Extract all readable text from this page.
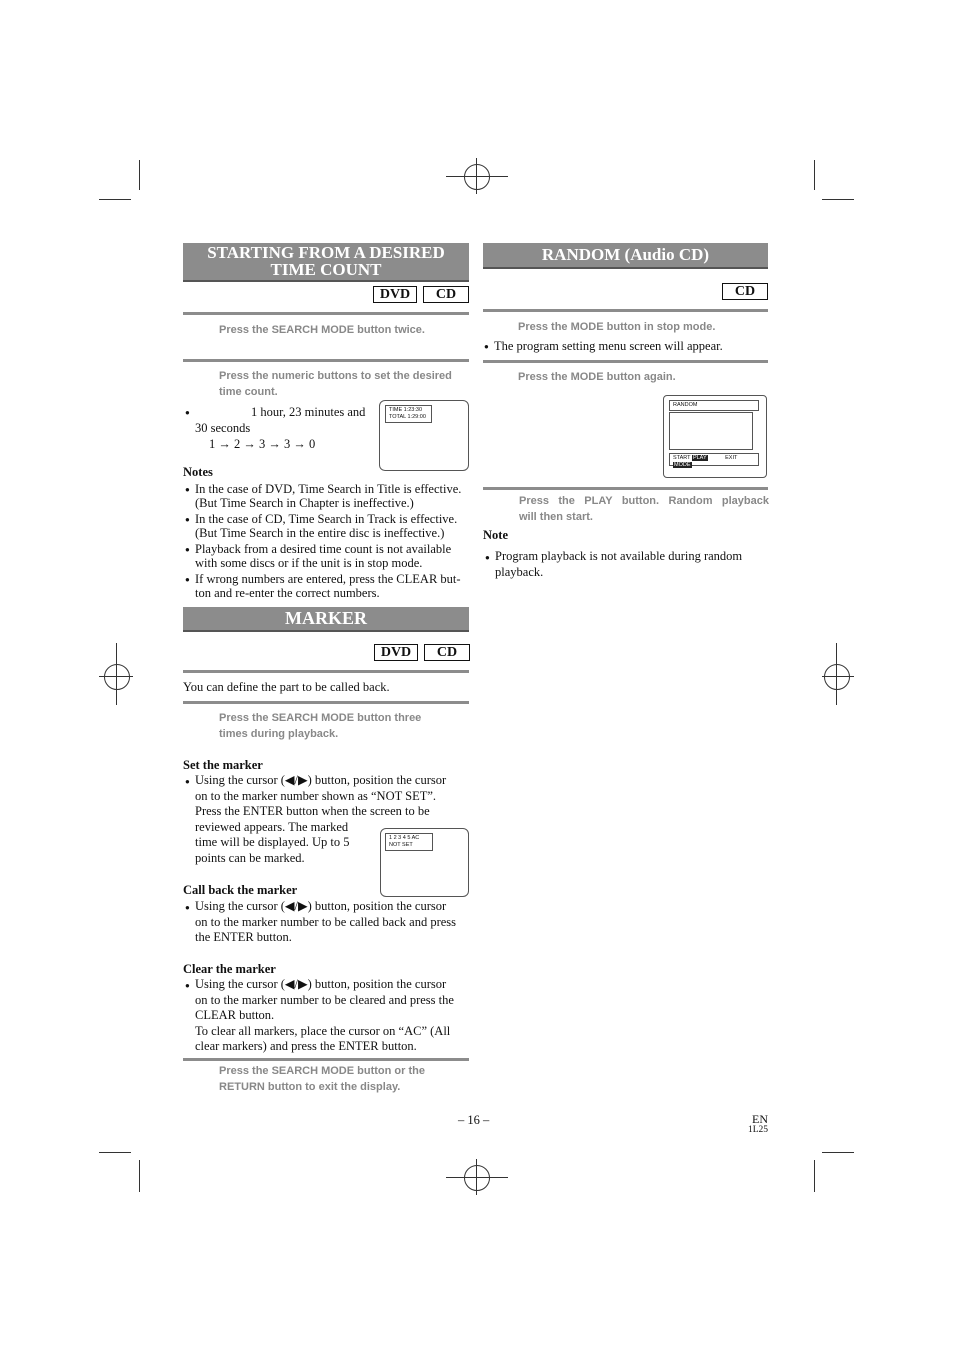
STARTING FROM A DESIRED
TIME COUNT
DVD	CD
Press the SEARCH MODE button twice.
Press the numeric buttons to set the desired
time count.
1 hour, 23 minutes and
30 seconds
1 → 2 → 3 → 3 → 0
TIME 1:23:30
TOTAL 1:29:00
Notes
● In the case of DVD, Time Search in Title is effective.
(But Time Search in Chapter is ineffective.)
● In the case of CD, Time Search in Track is effective.
(But Time Search in the entire disc is ineffective.)
● Playback from a desired time count is not available
with some discs or if the unit is in stop mode.
● If wrong numbers are entered, press the CLEAR but-
ton and re-enter the correct numbers.
MARKER
DVD	CD
You can define the part to be called back.
Press the SEARCH MODE button three
times during playback.
Set the marker
Using the cursor (◀/▶) button, position the cursor
on to the marker number shown as “NOT SET”.
Press the ENTER button when the screen to be
reviewed appears. The marked
time will be displayed. Up to 5
points can be marked.
1 2 3 4 5 AC
NOT SET
Call back the marker
Using the cursor (◀/▶) button, position the cursor
on to the marker number to be called back and press
the ENTER button.
Clear the marker
Using the cursor (◀/▶) button, position the cursor
on to the marker number to be cleared and press the
CLEAR button.
To clear all markers, place the cursor on “AC” (All
clear markers) and press the ENTER button.
Press the SEARCH MODE button or the
RETURN button to exit the display.
RANDOM (Audio CD)
CD
Press the MODE button in stop mode.
● The program setting menu screen will appear.
Press the MODE button again.
RANDOM
START PLAY	EXIT MODE
Press the PLAY button. Random playback
will then start.
Note
Program playback is not available during random
playback.
– 16 –	EN
1L25
